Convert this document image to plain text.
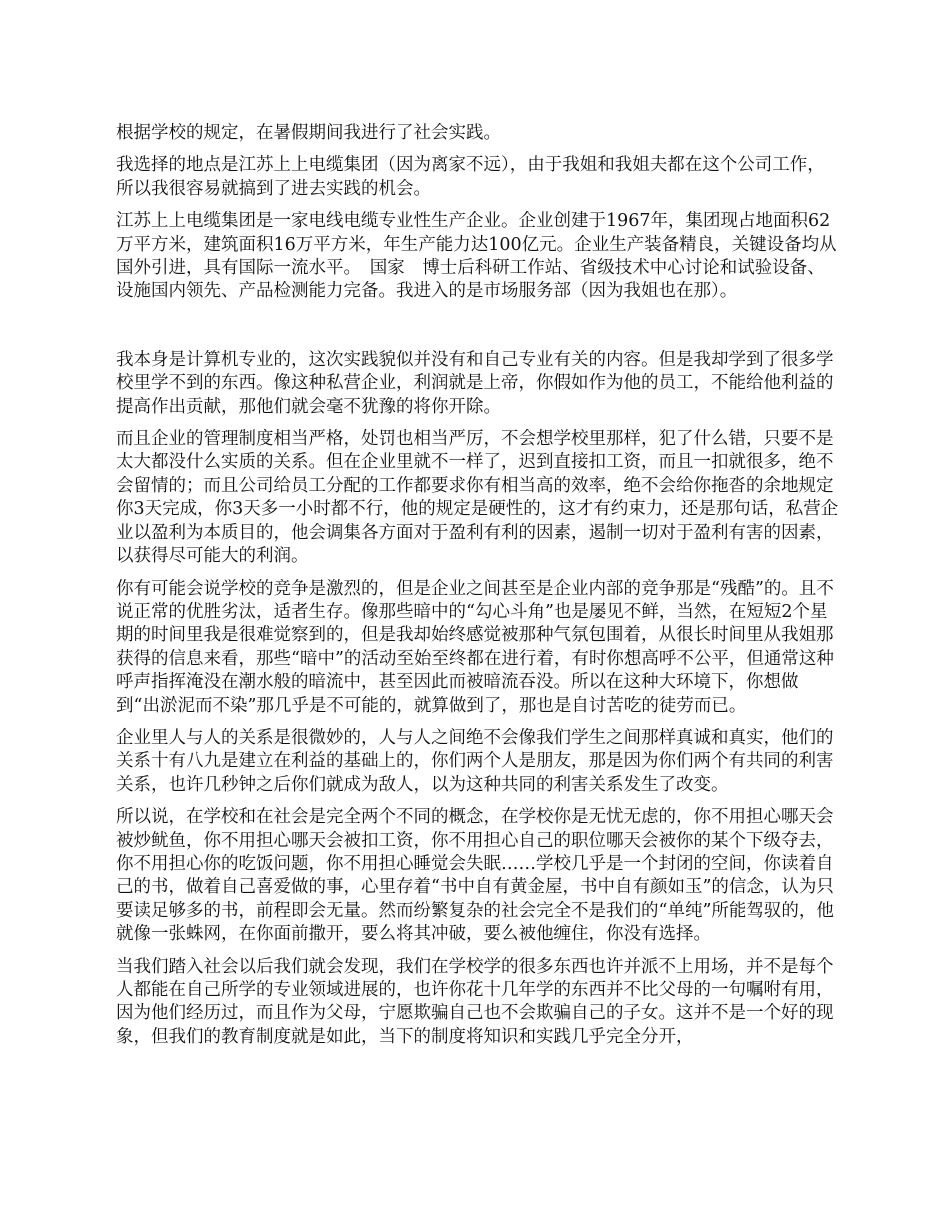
根据学校的规定，在暑假期间我进行了社会实践。

我选择的地点是江苏上上电缆集团（因为离家不远），由于我姐和我姐夫都在这个公司工作，所以我很容易就搞到了进去实践的机会。

江苏上上电缆集团是一家电线电缆专业性生产企业。企业创建于1967年，集团现占地面积62万平方米，建筑面积16万平方米，年生产能力达100亿元。企业生产装备精良，关键设备均从国外引进，具有国际一流水平。　国家　博士后科研工作站、省级技术中心讨论和试验设备、设施国内领先、产品检测能力完备。我进入的是市场服务部（因为我姐也在那）。

我本身是计算机专业的，这次实践貌似并没有和自己专业有关的内容。但是我却学到了很多学校里学不到的东西。像这种私营企业，利润就是上帝，你假如作为他的员工，不能给他利益的提高作出贡献，那他们就会毫不犹豫的将你开除。

而且企业的管理制度相当严格，处罚也相当严厉，不会想学校里那样，犯了什么错，只要不是太大都没什么实质的关系。但在企业里就不一样了，迟到直接扣工资，而且一扣就很多，绝不会留情的；而且公司给员工分配的工作都要求你有相当高的效率，绝不会给你拖沓的余地规定你3天完成，你3天多一小时都不行，他的规定是硬性的，这才有约束力，还是那句话，私营企业以盈利为本质目的，他会调集各方面对于盈利有利的因素，遏制一切对于盈利有害的因素，以获得尽可能大的利润。

你有可能会说学校的竞争是激烈的，但是企业之间甚至是企业内部的竞争那是“残酷”的。且不说正常的优胜劣汰，适者生存。像那些暗中的“勾心斗角”也是屡见不鲜，当然，在短短2个星期的时间里我是很难觉察到的，但是我却始终感觉被那种气氛包围着，从很长时间里从我姐那获得的信息来看，那些“暗中”的活动至始至终都在进行着，有时你想高呼不公平，但通常这种呼声指挥淹没在潮水般的暗流中，甚至因此而被暗流吞没。所以在这种大环境下，你想做到“出淤泥而不染”那几乎是不可能的，就算做到了，那也是自讨苦吃的徒劳而已。

企业里人与人的关系是很微妙的，人与人之间绝不会像我们学生之间那样真诚和真实，他们的关系十有八九是建立在利益的基础上的，你们两个人是朋友，那是因为你们两个有共同的利害关系，也许几秒钟之后你们就成为敌人，以为这种共同的利害关系发生了改变。

所以说，在学校和在社会是完全两个不同的概念，在学校你是无忧无虑的，你不用担心哪天会被炒鱿鱼，你不用担心哪天会被扣工资，你不用担心自己的职位哪天会被你的某个下级夺去，你不用担心你的吃饭问题，你不用担心睡觉会失眠……学校几乎是一个封闭的空间，你读着自己的书，做着自己喜爱做的事，心里存着“书中自有黄金屋，书中自有颜如玉”的信念，认为只要读足够多的书，前程即会无量。然而纷繁复杂的社会完全不是我们的“单纯”所能驾驭的，他就像一张蛛网，在你面前撒开，要么将其冲破，要么被他缠住，你没有选择。

当我们踏入社会以后我们就会发现，我们在学校学的很多东西也许并派不上用场，并不是每个人都能在自己所学的专业领域进展的，也许你花十几年学的东西并不比父母的一句嘱咐有用，因为他们经历过，而且作为父母，宁愿欺骗自己也不会欺骗自己的子女。这并不是一个好的现象，但我们的教育制度就是如此，当下的制度将知识和实践几乎完全分开，
